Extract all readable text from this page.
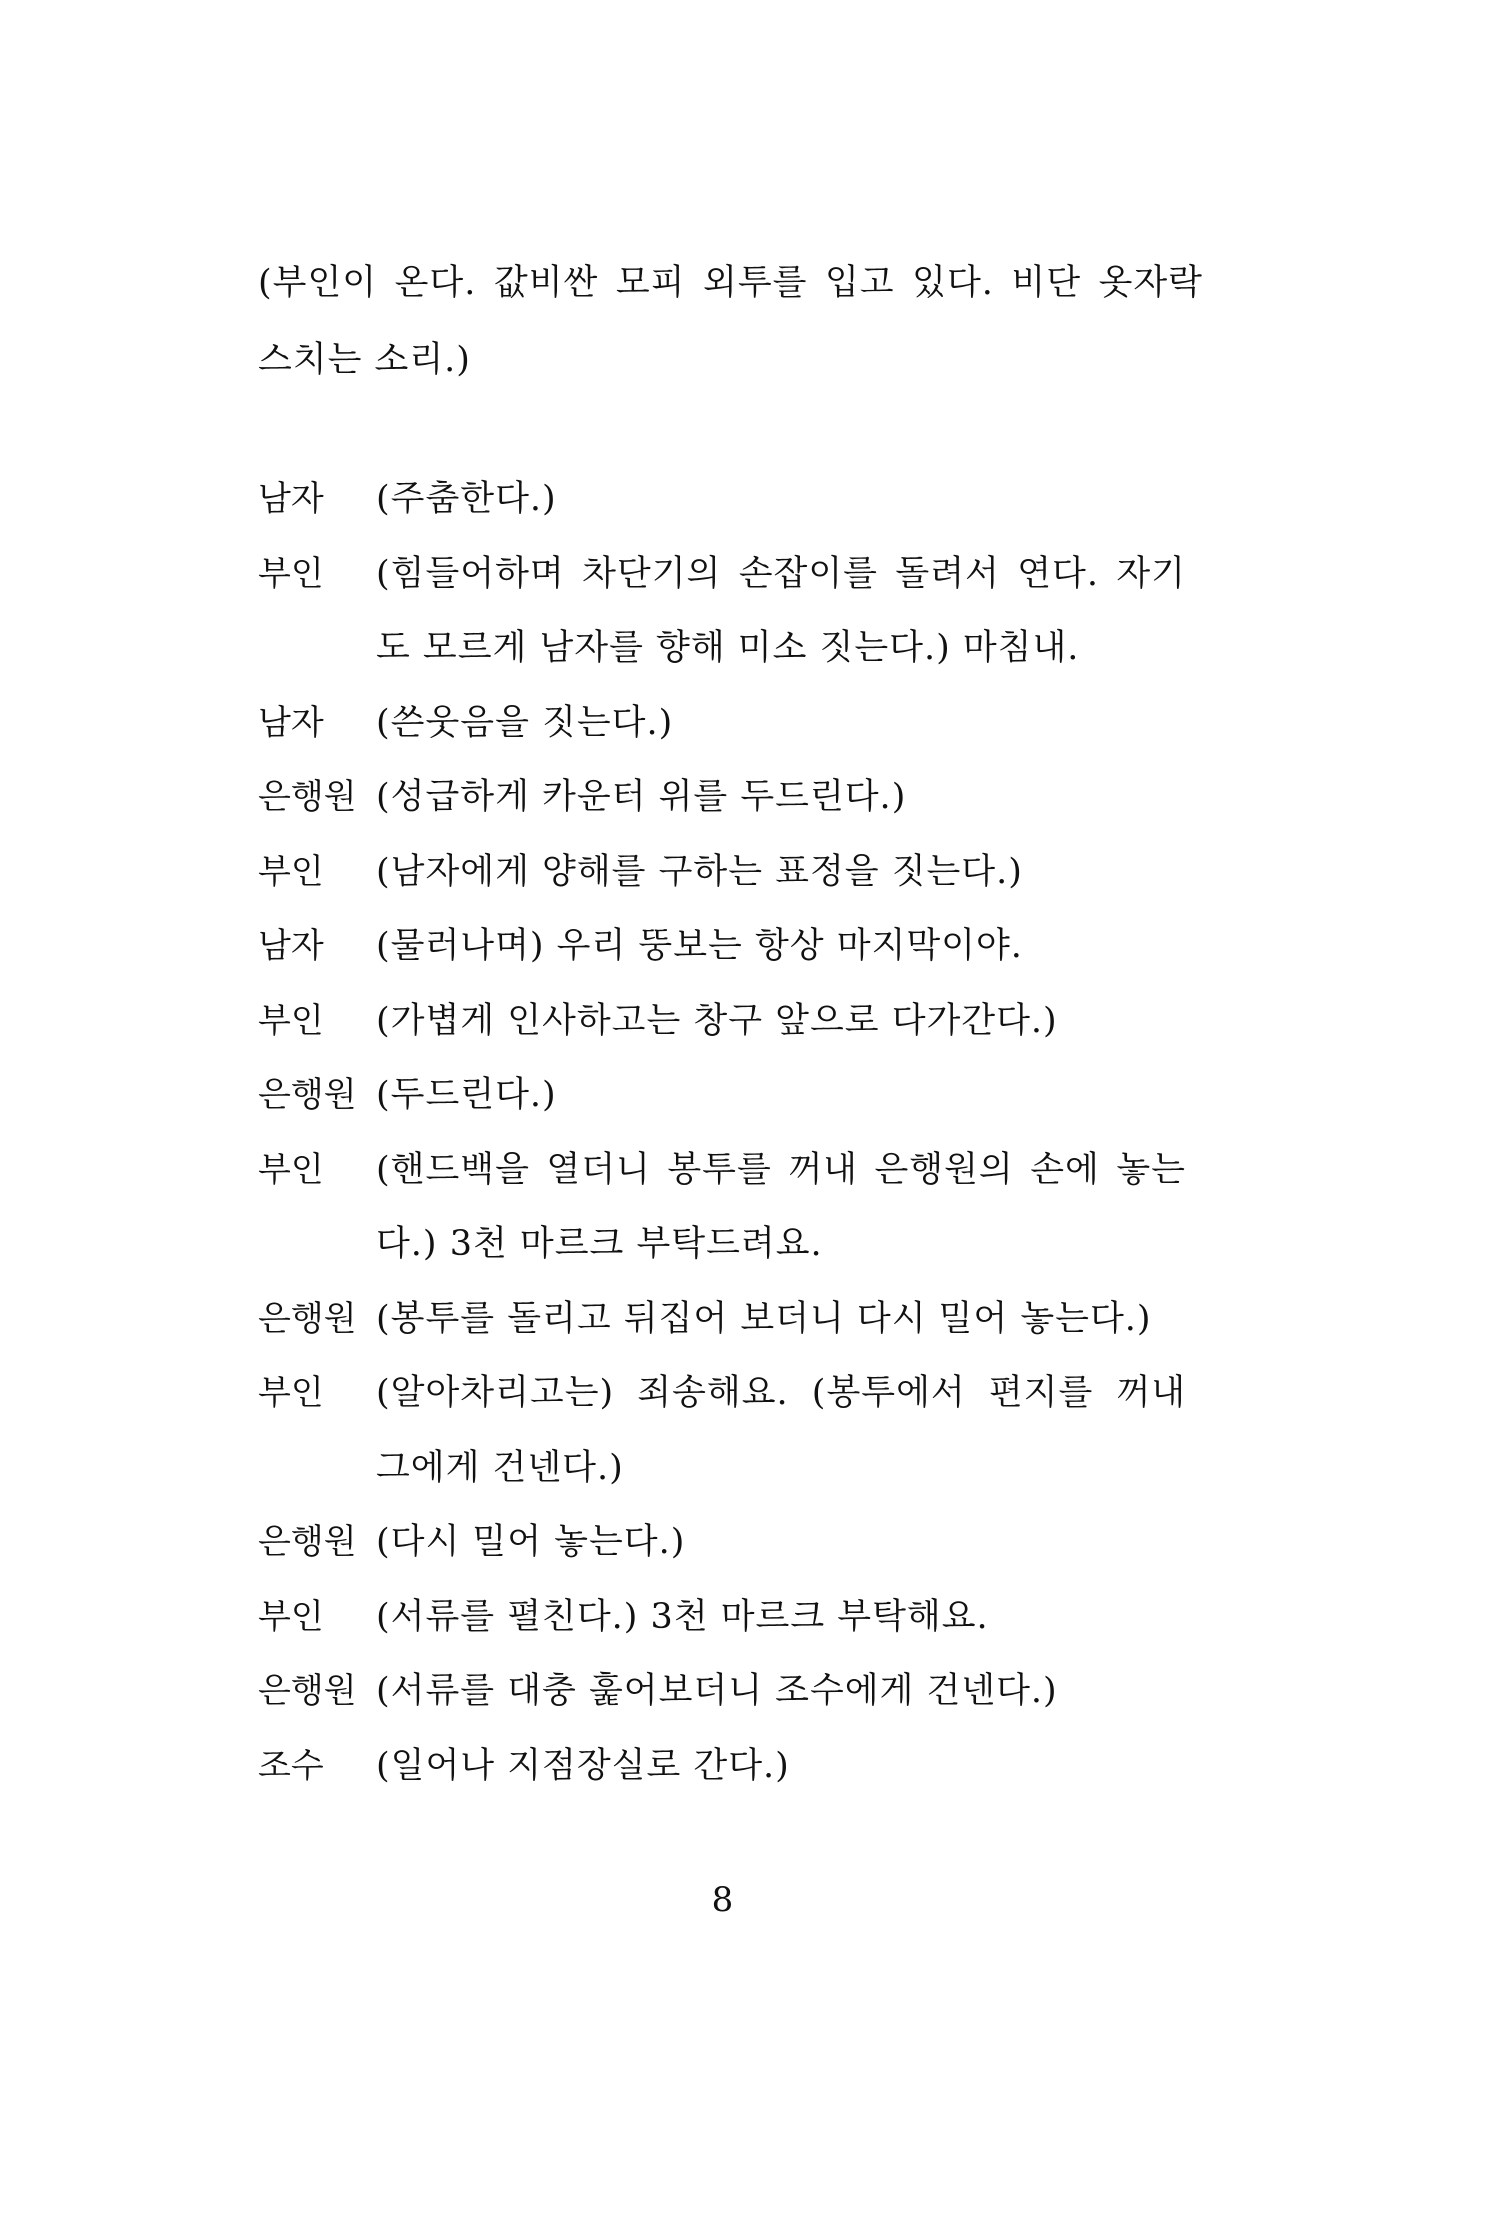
(부인이 온다. 값비싼 모피 외투를 입고 있다. 비단 옷자락 스치는 소리.)

남자	(주춤한다.)
부인	(힘들어하며 차단기의 손잡이를 돌려서 연다. 자기도 모르게 남자를 향해 미소 짓는다.) 마침내.
남자	(쓴웃음을 짓는다.)
은행원 (성급하게 카운터 위를 두드린다.)
부인	(남자에게 양해를 구하는 표정을 짓는다.)
남자	(물러나며) 우리 뚱보는 항상 마지막이야.
부인	(가볍게 인사하고는 창구 앞으로 다가간다.)
은행원 (두드린다.)
부인	(핸드백을 열더니 봉투를 꺼내 은행원의 손에 놓는다.) 3천 마르크 부탁드려요.
은행원 (봉투를 돌리고 뒤집어 보더니 다시 밀어 놓는다.)
부인	(알아차리고는) 죄송해요. (봉투에서 편지를 꺼내 그에게 건넨다.)
은행원 (다시 밀어 놓는다.)
부인	(서류를 펼친다.) 3천 마르크 부탁해요.
은행원 (서류를 대충 훑어보더니 조수에게 건넨다.)
조수	(일어나 지점장실로 간다.)
8
